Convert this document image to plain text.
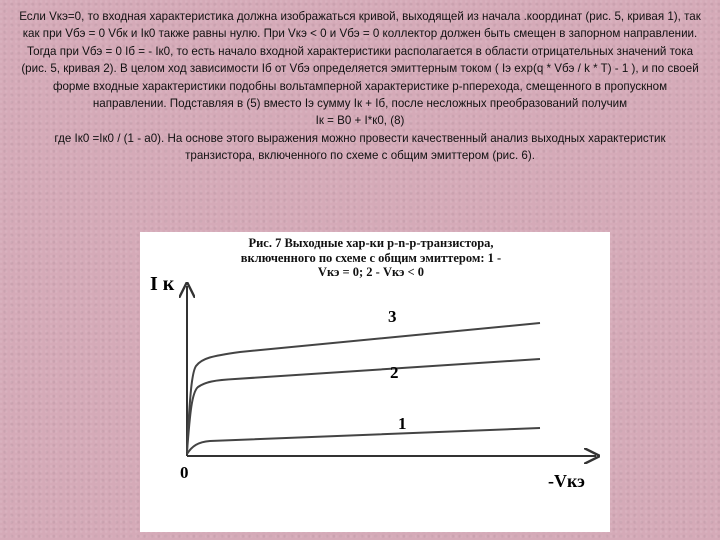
Если Vкэ=0, то входная характеристика должна изображаться кривой, выходящей из начала .координат (рис. 5, кривая 1), так как при Vбэ = 0 Vбк и Iк0 также равны нулю. При Vкэ < 0 и Vбэ = 0 коллектор должен быть смещен в запорном направлении. Тогда при Vбэ = 0 Iб = - Iк0, то есть начало входной характеристики располагается в области отрицательных значений тока (рис. 5, кривая 2). В целом ход зависимости Iб от Vбэ определяется эмиттерным током ( Iэ exp(q * Vбэ / k * T) - 1 ), и по своей форме входные характеристики подобны вольтамперной характеристике p-nперехода, смещенного в пропускном направлении. Подставляя в (5) вместо Iэ сумму Iк + Iб, после несложных преобразований получим

Iк = B0 + I*к0, (8)

где Iк0 =Iк0 / (1 - a0). На основе этого выражения можно провести качественный анализ выходных характеристик транзистора, включенного по схеме с общим эмиттером (рис. 6).

I к
-Vкэ
0
1
2
3
Рис. 7 Выходные хар-ки p-n-p-транзистора, включенного по схеме с общим эмиттером: 1 - Vкэ = 0; 2 - Vкэ < 0
